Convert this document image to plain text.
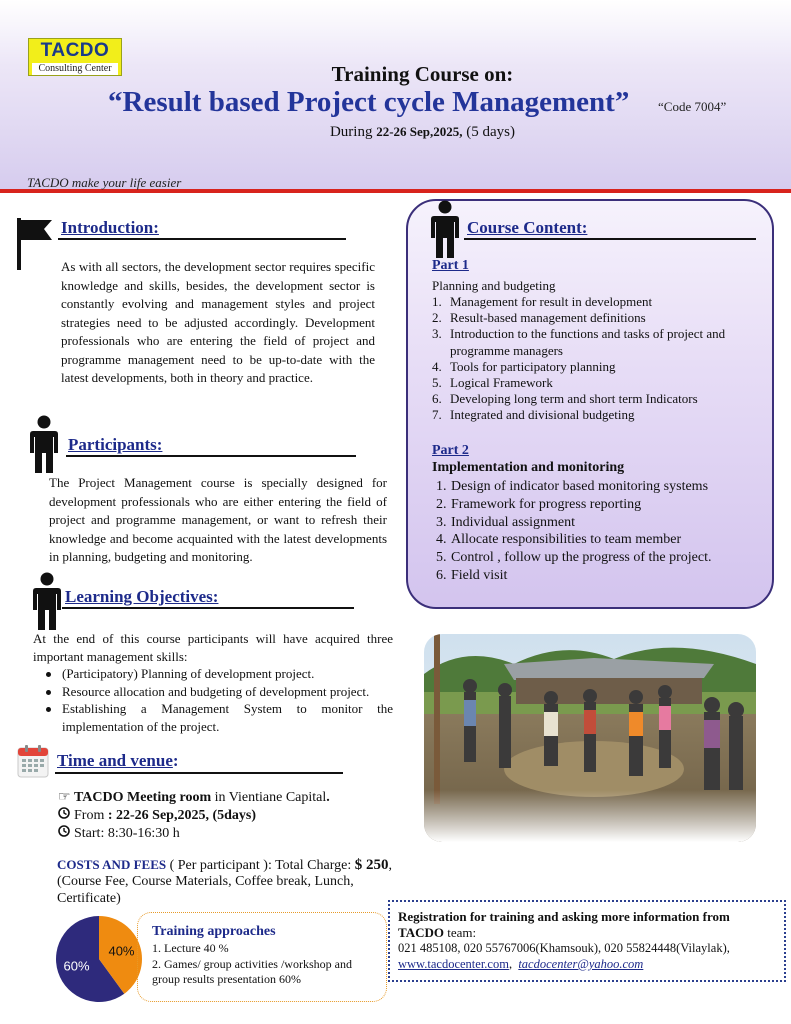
TACDO
Consulting Center	Training Course on:
“Result based Project cycle Management” “Code 7004”
During 22-26 Sep,2025, (5 days)
TACDO make your life easier
Introduction:
As with all sectors, the development sector requires specific knowledge and skills, besides, the development sector is constantly evolving and management styles and project strategies need to be adjusted accordingly. Development professionals who are entering the field of project and programme management need to be up-to-date with the latest developments, both in theory and practice.
Participants:
The Project Management course is specially designed for development professionals who are either entering the field of project and programme management, or want to refresh their knowledge and become acquainted with the latest developments in planning, budgeting and monitoring.
Learning Objectives:
At the end of this course participants will have acquired three important management skills:
(Participatory) Planning of development project.
Resource allocation and budgeting of development project.
Establishing a Management System to monitor the implementation of the project.
Time and venue:
☞ TACDO Meeting room in Vientiane Capital.
From : 22-26 Sep,2025, (5days)
Start: 8:30-16:30 h
COSTS AND FEES ( Per participant ): Total Charge: $ 250,
(Course Fee, Course Materials, Coffee break, Lunch,
Certificate)
60%
40%
Training approaches
1. Lecture 40 %
2. Games/ group activities /workshop and
group results presentation 60%
Course Content:
Part 1
Planning and budgeting
1. Management for result in development
2. Result-based management definitions
3. Introduction to the functions and tasks of project and programme managers
4. Tools for participatory planning
5. Logical Framework
6. Developing long term and short term Indicators
7. Integrated and divisional budgeting
Part 2
Implementation and monitoring
1. Design of indicator based monitoring systems
2. Framework for progress reporting
3. Individual assignment
4. Allocate responsibilities to team member
5. Control , follow up the progress of the project.
6. Field visit
Registration for training and asking more information from
TACDO team:
021 485108, 020 55767006(Khamsouk), 020 55824448(Vilaylak),
www.tacdocenter.com,  tacdocenter@yahoo.com
